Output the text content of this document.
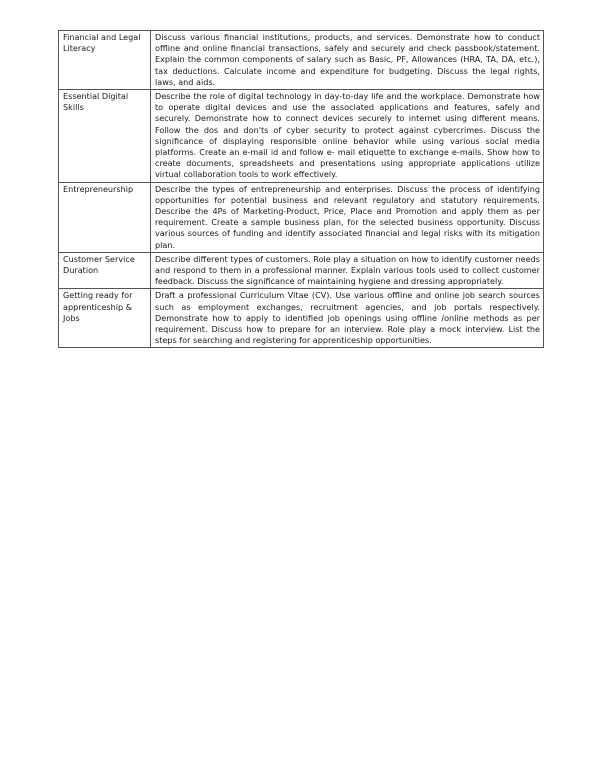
Financial and Legal Literacy	Discuss various financial institutions, products, and services. Demonstrate how to conduct offline and online financial transactions, safely and securely and check passbook/statement. Explain the common components of salary such as Basic, PF, Allowances (HRA, TA, DA, etc.), tax deductions. Calculate income and expenditure for budgeting. Discuss the legal rights, laws, and aids.
Essential Digital Skills	Describe the role of digital technology in day-to-day life and the workplace. Demonstrate how to operate digital devices and use the associated applications and features, safely and securely. Demonstrate how to connect devices securely to internet using different means. Follow the dos and don'ts of cyber security to protect against cybercrimes. Discuss the significance of displaying responsible online behavior while using various social media platforms. Create an e-mail id and follow e- mail etiquette to exchange e-mails. Show how to create documents, spreadsheets and presentations using appropriate applications utilize virtual collaboration tools to work effectively.
Entrepreneurship	Describe the types of entrepreneurship and enterprises. Discuss the process of identifying opportunities for potential business and relevant regulatory and statutory requirements. Describe the 4Ps of Marketing-Product, Price, Place and Promotion and apply them as per requirement. Create a sample business plan, for the selected business opportunity. Discuss various sources of funding and identify associated financial and legal risks with its mitigation plan.
Customer Service Duration	Describe different types of customers. Role play a situation on how to identify customer needs and respond to them in a professional manner. Explain various tools used to collect customer feedback. Discuss the significance of maintaining hygiene and dressing appropriately.
Getting ready for apprenticeship & Jobs	Draft a professional Curriculum Vitae (CV). Use various offline and online job search sources such as employment exchanges, recruitment agencies, and job portals respectively. Demonstrate how to apply to identified job openings using offline /online methods as per requirement. Discuss how to prepare for an interview. Role play a mock interview. List the steps for searching and registering for apprenticeship opportunities.
